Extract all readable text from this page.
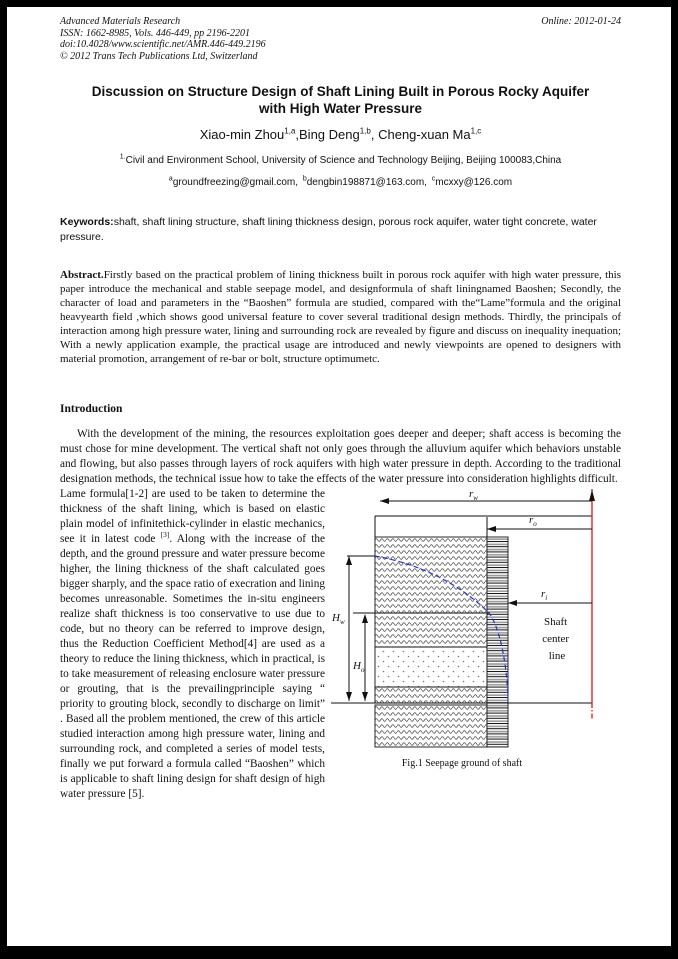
Advanced Materials Research
ISSN: 1662-8985, Vols. 446-449, pp 2196-2201
doi:10.4028/www.scientific.net/AMR.446-449.2196
© 2012 Trans Tech Publications Ltd, Switzerland
Online: 2012-01-24
Discussion on Structure Design of Shaft Lining Built in Porous Rocky Aquifer with High Water Pressure
Xiao-min Zhou$^{1,a}$,Bing Deng$^{1,b}$, Cheng-xuan Ma$^{1,c}$
$^{1.}$Civil and Environment School, University of Science and Technology Beijing, Beijing 100083,China
$^a$groundfreezing@gmail.com, $^b$dengbin198871@163.com, $^c$mcxxy@126.com

Keywords:shaft, shaft lining structure, shaft lining thickness design, porous rock aquifer, water tight concrete, water pressure.

Abstract.Firstly based on the practical problem of lining thickness built in porous rock aquifer with high water pressure, this paper introduce the mechanical and stable seepage model, and designformula of shaft liningnamed Baoshen; Secondly, the character of load and parameters in the “Baoshen” formula are studied, compared with the“Lame”formula and the original heavyearth field ,which shows good universal feature to cover several traditional design methods. Thirdly, the principals of interaction among high pressure water, lining and surrounding rock are revealed by figure and discuss on inequality inequation; With a newly application example, the practical usage are introduced and newly viewpoints are opened to designers with material promotion, arrangement of re-bar or bolt, structure optimumetc.

Introduction

With the development of the mining, the resources exploitation goes deeper and deeper; shaft access is becoming the must chose for mine development. The vertical shaft not only goes through the alluvium aquifer which behaviors unstable and flowing, but also passes through layers of rock aquifers with high water pressure in depth. According to the traditional designation methods, the technical issue how to take the effects of the water pressure into consideration highlights difficult.

$r_w$
$r_o$
$r_i$
$H_w$
$H_o$
Shaft center line
Fig.1 Seepage ground of shaft
Lame formula[1-2] are used to be taken to determine the thickness of the shaft lining, which is based on elastic plain model of infinitethick-cylinder in elastic mechanics, see it in latest code [3]. Along with the increase of the depth, and the ground pressure and water pressure become higher, the lining thickness of the shaft calculated goes bigger sharply, and the space ratio of execration and lining becomes unreasonable. Sometimes the in-situ engineers realize shaft thickness is too conservative to use due to code, but no theory can be referred to improve design, thus the Reduction Coefficient Method[4] are used as a theory to reduce the lining thickness, which in practical, is to take measurement of releasing enclosure water pressure or grouting, that is the prevailingprinciple saying “ priority to grouting block, secondly to discharge on limit” . Based all the problem mentioned, the crew of this article studied interaction among high pressure water, lining and surrounding rock, and completed a series of model tests, finally we put forward a formula called “Baoshen” which is applicable to shaft lining design for shaft design of high water pressure [5].
